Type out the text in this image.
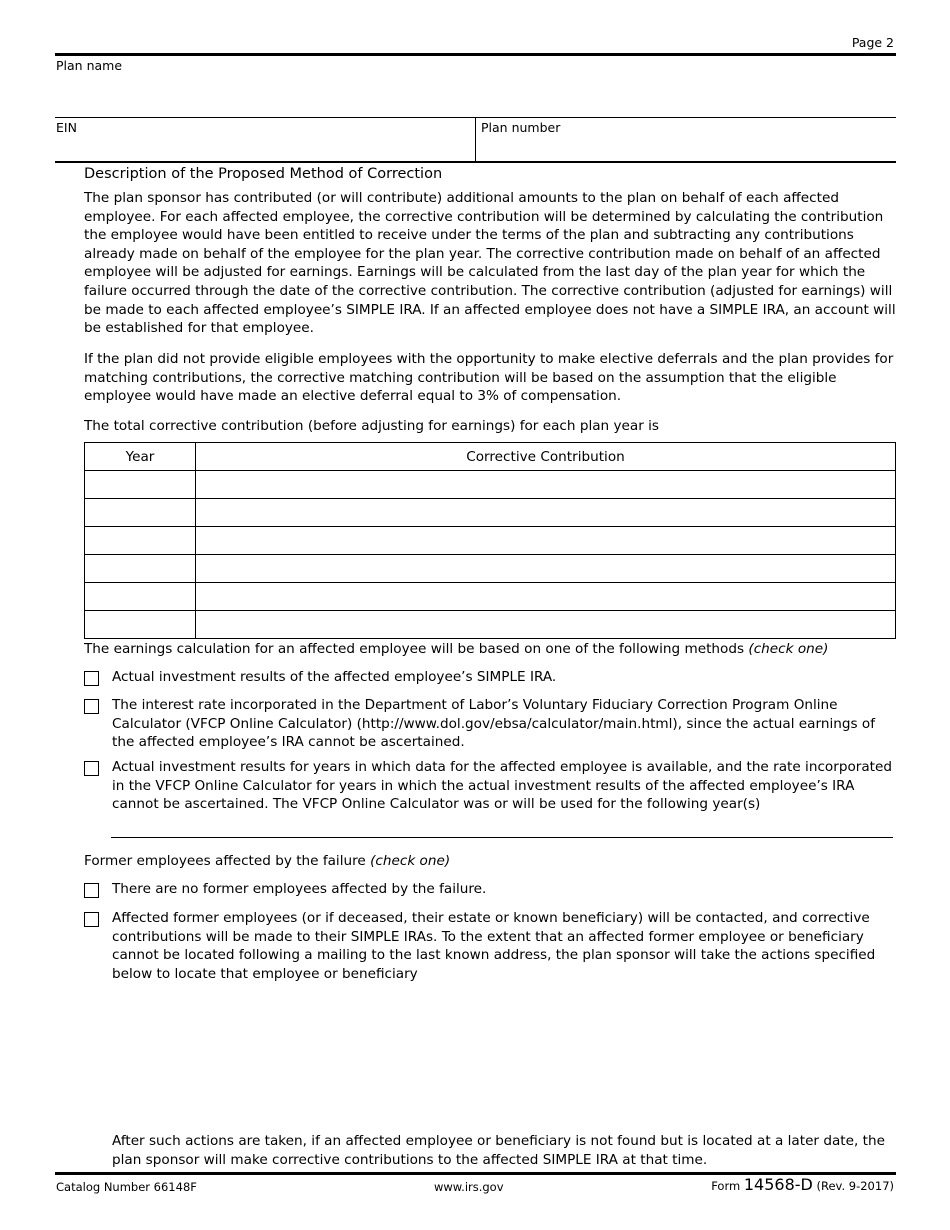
Page 2
Plan name
EIN	Plan number
Description of the Proposed Method of Correction
The plan sponsor has contributed (or will contribute) additional amounts to the plan on behalf of each affected employee. For each affected employee, the corrective contribution will be determined by calculating the contribution the employee would have been entitled to receive under the terms of the plan and subtracting any contributions already made on behalf of the employee for the plan year. The corrective contribution made on behalf of an affected employee will be adjusted for earnings. Earnings will be calculated from the last day of the plan year for which the failure occurred through the date of the corrective contribution. The corrective contribution (adjusted for earnings) will be made to each affected employee’s SIMPLE IRA. If an affected employee does not have a SIMPLE IRA, an account will be established for that employee.
If the plan did not provide eligible employees with the opportunity to make elective deferrals and the plan provides for matching contributions, the corrective matching contribution will be based on the assumption that the eligible employee would have made an elective deferral equal to 3% of compensation.
The total corrective contribution (before adjusting for earnings) for each plan year is
Year	Corrective Contribution

The earnings calculation for an affected employee will be based on one of the following methods (check one)
Actual investment results of the affected employee’s SIMPLE IRA.
The interest rate incorporated in the Department of Labor’s Voluntary Fiduciary Correction Program Online Calculator (VFCP Online Calculator) (http://www.dol.gov/ebsa/calculator/main.html), since the actual earnings of the affected employee’s IRA cannot be ascertained.
Actual investment results for years in which data for the affected employee is available, and the rate incorporated in the VFCP Online Calculator for years in which the actual investment results of the affected employee’s IRA cannot be ascertained. The VFCP Online Calculator was or will be used for the following year(s)
Former employees affected by the failure (check one)
There are no former employees affected by the failure.
Affected former employees (or if deceased, their estate or known beneficiary) will be contacted, and corrective contributions will be made to their SIMPLE IRAs. To the extent that an affected former employee or beneficiary cannot be located following a mailing to the last known address, the plan sponsor will take the actions specified below to locate that employee or beneficiary
After such actions are taken, if an affected employee or beneficiary is not found but is located at a later date, the plan sponsor will make corrective contributions to the affected SIMPLE IRA at that time.
Catalog Number 66148F	www.irs.gov	Form 14568-D (Rev. 9-2017)
